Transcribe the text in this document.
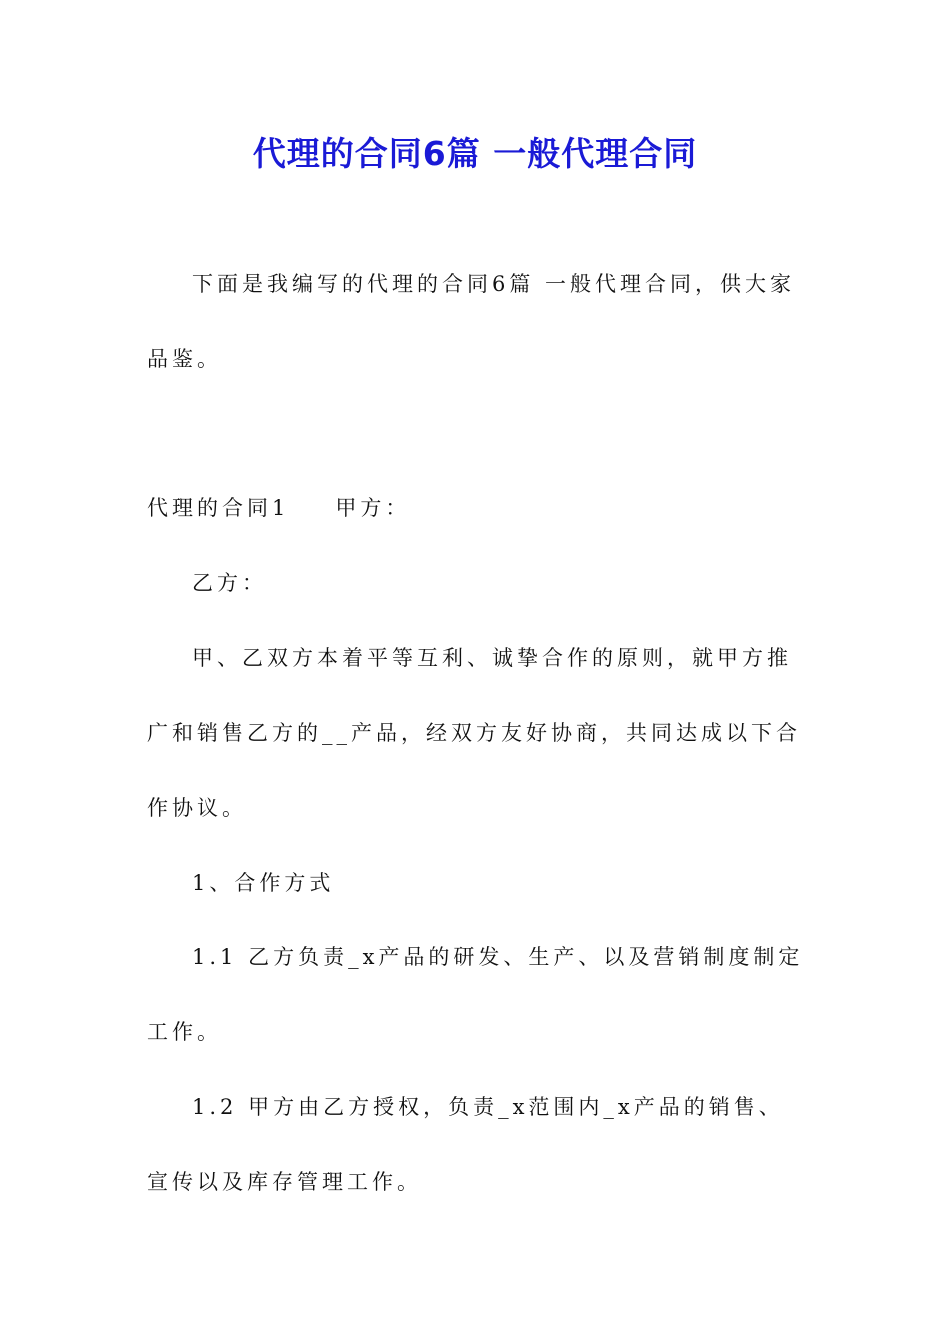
代理的合同6篇 一般代理合同

下面是我编写的代理的合同6篇 一般代理合同，供大家品鉴。

代理的合同1 甲方：

乙方：

甲、乙双方本着平等互利、诚挚合作的原则，就甲方推广和销售乙方的__产品，经双方友好协商，共同达成以下合作协议。

1、合作方式

1.1 乙方负责_x产品的研发、生产、以及营销制度制定工作。

1.2 甲方由乙方授权，负责_x范围内_x产品的销售、宣传以及库存管理工作。
